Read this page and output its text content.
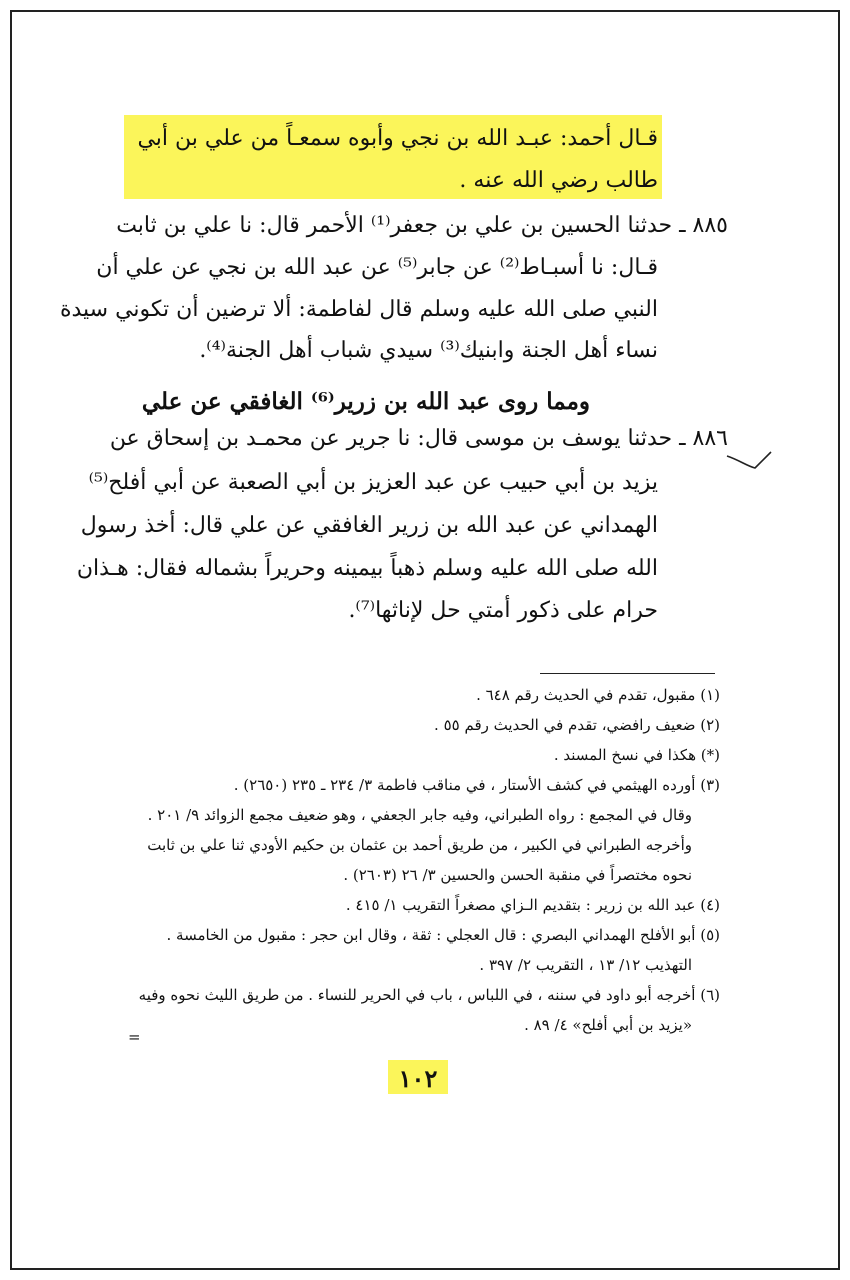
قـال أحمد: عبـد الله بن نجي وأبوه سمعـاً من علي بن أبي
طالب رضي الله عنه .
٨٨٥ ـ حدثنا الحسين بن علي بن جعفر⁽¹⁾ الأحمر قال: نا علي بن ثابت
قـال: نا أسبـاط⁽²⁾ عن جابر⁽⁵⁾ عن عبد الله بن نجي عن علي أن
النبي صلى الله عليه وسلم قال لفاطمة: ألا ترضين أن تكوني سيدة
نساء أهل الجنة وابنيك⁽³⁾ سيدي شباب أهل الجنة⁽⁴⁾.
ومما روى عبد الله بن زرير⁽⁶⁾ الغافقي عن علي
٨٨٦ ـ حدثنا يوسف بن موسى قال: نا جرير عن محمـد بن إسحاق عن
يزيد بن أبي حبيب عن عبد العزيز بن أبي الصعبة عن أبي أفلح⁽⁵⁾
الهمداني عن عبد الله بن زرير الغافقي عن علي قال: أخذ رسول
الله صلى الله عليه وسلم ذهباً بيمينه وحريراً بشماله فقال: هـذان
حرام على ذكور أمتي حل لإناثها⁽⁷⁾.
(١) مقبول، تقدم في الحديث رقم ٦٤٨ .
(٢) ضعيف رافضي، تقدم في الحديث رقم ٥٥ .
(*) هكذا في نسخ المسند .
(٣) أورده الهيثمي في كشف الأستار ، في مناقب فاطمة ٣/ ٢٣٤ ـ ٢٣٥ (٢٦٥٠) .
وقال في المجمع : رواه الطبراني، وفيه جابر الجعفي ، وهو ضعيف مجمع الزوائد ٩/ ٢٠١ .
وأخرجه الطبراني في الكبير ، من طريق أحمد بن عثمان بن حكيم الأودي ثنا علي بن ثابت
نحوه مختصراً في منقبة الحسن والحسين ٣/ ٢٦ (٢٦٠٣) .
(٤) عبد الله بن زرير : بتقديم الـزاي مصغراً التقريب ١/ ٤١٥ .
(٥) أبو الأفلح الهمداني البصري : قال العجلي : ثقة ، وقال ابن حجر : مقبول من الخامسة .
التهذيب ١٢/ ١٣ ، التقريب ٢/ ٣٩٧ .
(٦) أخرجه أبو داود في سننه ، في اللباس ، باب في الحرير للنساء . من طريق الليث نحوه وفيه
«يزيد بن أبي أفلح» ٤/ ٨٩ .
=
١٠٢
